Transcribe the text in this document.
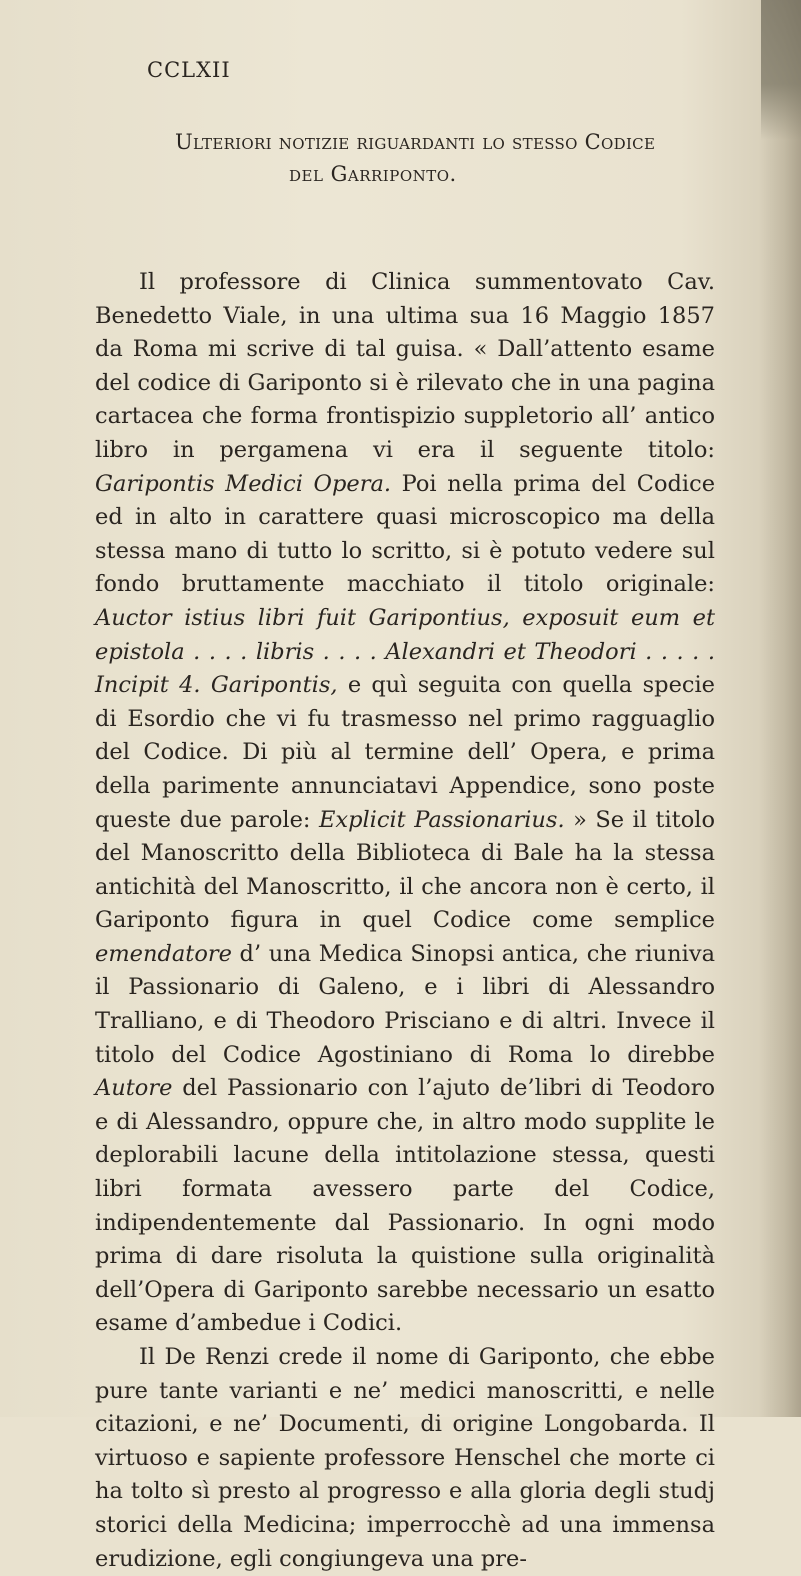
CCLXII
Ulteriori notizie riguardanti lo stesso Codice
del Garriponto.

Il professore di Clinica summentovato Cav. Benedetto Viale, in una ultima sua 16 Maggio 1857 da Roma mi scrive di tal guisa. « Dall’attento esame del codice di Gariponto si è rilevato che in una pagina cartacea che forma frontispizio suppletorio all’ antico libro in pergamena vi era il seguente titolo: Garipontis Medici Opera. Poi nella prima del Codice ed in alto in carattere quasi microscopico ma della stessa mano di tutto lo scritto, si è potuto vedere sul fondo bruttamente macchiato il titolo originale: Auctor istius libri fuit Garipontius, exposuit eum et epistola . . . . libris . . . . Alexandri et Theodori . . . . . Incipit 4. Garipontis, e quì seguita con quella specie di Esordio che vi fu trasmesso nel primo ragguaglio del Codice. Di più al termine dell’ Opera, e prima della parimente annunciatavi Appendice, sono poste queste due parole: Explicit Passionarius. » Se il titolo del Manoscritto della Biblioteca di Bale ha la stessa antichità del Manoscritto, il che ancora non è certo, il Gariponto figura in quel Codice come semplice emendatore d’ una Medica Sinopsi antica, che riuniva il Passionario di Galeno, e i libri di Alessandro Tralliano, e di Theodoro Prisciano e di altri. Invece il titolo del Codice Agostiniano di Roma lo direbbe Autore del Passionario con l’ajuto de’libri di Teodoro e di Alessandro, oppure che, in altro modo supplite le deplorabili lacune della intitolazione stessa, questi libri formata avessero parte del Codice, indipendentemente dal Passionario. In ogni modo prima di dare risoluta la quistione sulla originalità dell’Opera di Gariponto sarebbe necessario un esatto esame d’ambedue i Codici.

Il De Renzi crede il nome di Gariponto, che ebbe pure tante varianti e ne’ medici manoscritti, e nelle citazioni, e ne’ Documenti, di origine Longobarda. Il virtuoso e sapiente professore Henschel che morte ci ha tolto sì presto al progresso e alla gloria degli studj storici della Medicina; imperrocchè ad una immensa erudizione, egli congiungeva una pre-
